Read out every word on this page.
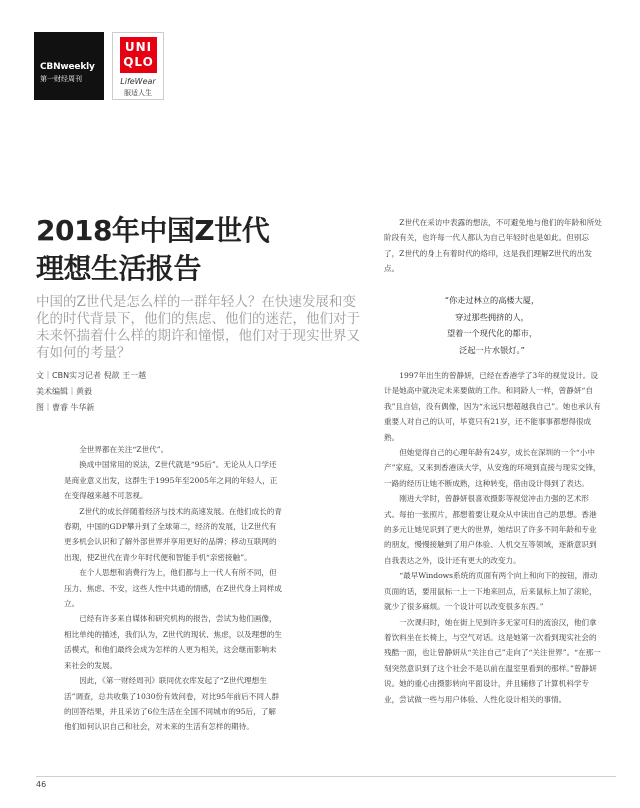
CBNweekly
第一财经周刊
UNI
QLO
LifeWear
服适人生
2018年中国Z世代
理想生活报告

中国的Z世代是怎么样的一群年轻人？在快速发展和变化的时代背景下，他们的焦虑、他们的迷茫，他们对于未来怀揣着什么样的期许和憧憬，他们对于现实世界又有如何的考量？

文｜CBN实习记者 倪歆 王一越
美术编辑｜黄毅
图｜曹睿 牛华新

全世界都在关注“Z世代”。

换成中国常用的说法，Z世代就是“95后”。无论从人口学还是商业意义出发，这群生于1995年至2005年之间的年轻人，正在变得越来越不可忽视。

Z世代的成长伴随着经济与技术的高速发展。在他们成长的青春期，中国的GDP攀升到了全球第二，经济的发展，让Z世代有更多机会认识和了解外部世界并享用更好的品牌；移动互联网的出现，使Z世代在青少年时代便和智能手机“亲密接触”。

在个人思想和消费行为上，他们都与上一代人有所不同，但压力、焦虑、不安，这些人性中共通的情感，在Z世代身上同样成立。

已经有许多来自媒体和研究机构的报告，尝试为他们画像，相比单纯的描述，我们认为，Z世代的现状、焦虑，以及理想的生活模式，和他们最终会成为怎样的人更为相关，这会继而影响未来社会的发展。

因此，《第一财经周刊》联同优衣库发起了“Z世代理想生活”调查，总共收集了1030份有效问卷，对比95年前后不同人群的回答结果，并且采访了6位生活在全国不同城市的95后，了解他们如何认识自己和社会，对未来的生活有怎样的期待。

Z世代在采访中表露的想法，不可避免地与他们的年龄和所处阶段有关，也许每一代人都认为自己年轻时也是如此。但别忘了，Z世代的身上有着时代的烙印，这是我们理解Z世代的出发点。

“你走过林立的高楼大厦，
穿过那些拥挤的人，
望着一个现代化的都市，
泛起一片水银灯。”

1997年出生的曾静妍，已经在香港学了3年的视觉设计。设计是她高中就决定未来要做的工作。和同龄人一样，曾静妍“自我”且自信，没有偶像，因为“永远只想超越我自己”。她也承认有重要人对自己的认可，毕竟只有21岁，还不能事事都想得很成熟。

但她觉得自己的心理年龄有24岁，成长在深圳的一个“小中产”家庭，又来到香港读大学，从安逸的环境到直接与现实交锋，一路的经历让她不断成熟，这种转变，借由设计得到了表达。

刚进大学时，曾静妍很喜欢摄影等视觉冲击力强的艺术形式。每拍一张照片，都想着要让观众从中读出自己的思想。香港的多元让她见识到了更大的世界，她结识了许多不同年龄和专业的朋友，慢慢接触到了用户体验、人机交互等领域，逐渐意识到自我表达之外，设计还有更大的改变力。

“最早Windows系统的页面有两个向上和向下的按钮，滑动页面的话，要用鼠标一上一下地来回点，后来鼠标上加了滚轮，就少了很多麻烦。一个设计可以改变很多东西。”

一次课归时，她在街上见到许多无家可归的流浪汉，他们拿着饮料坐在长椅上，与空气对话。这是她第一次看到现实社会的残酷一面，也让曾静妍从“关注自己”走向了“关注世界”。“在那一刻突然意识到了这个社会不是以前在温室里看到的那样。”曾静妍说。她的重心由摄影转向平面设计，并且辅修了计算机科学专业，尝试做一些与用户体验、人性化设计相关的事情。

46
